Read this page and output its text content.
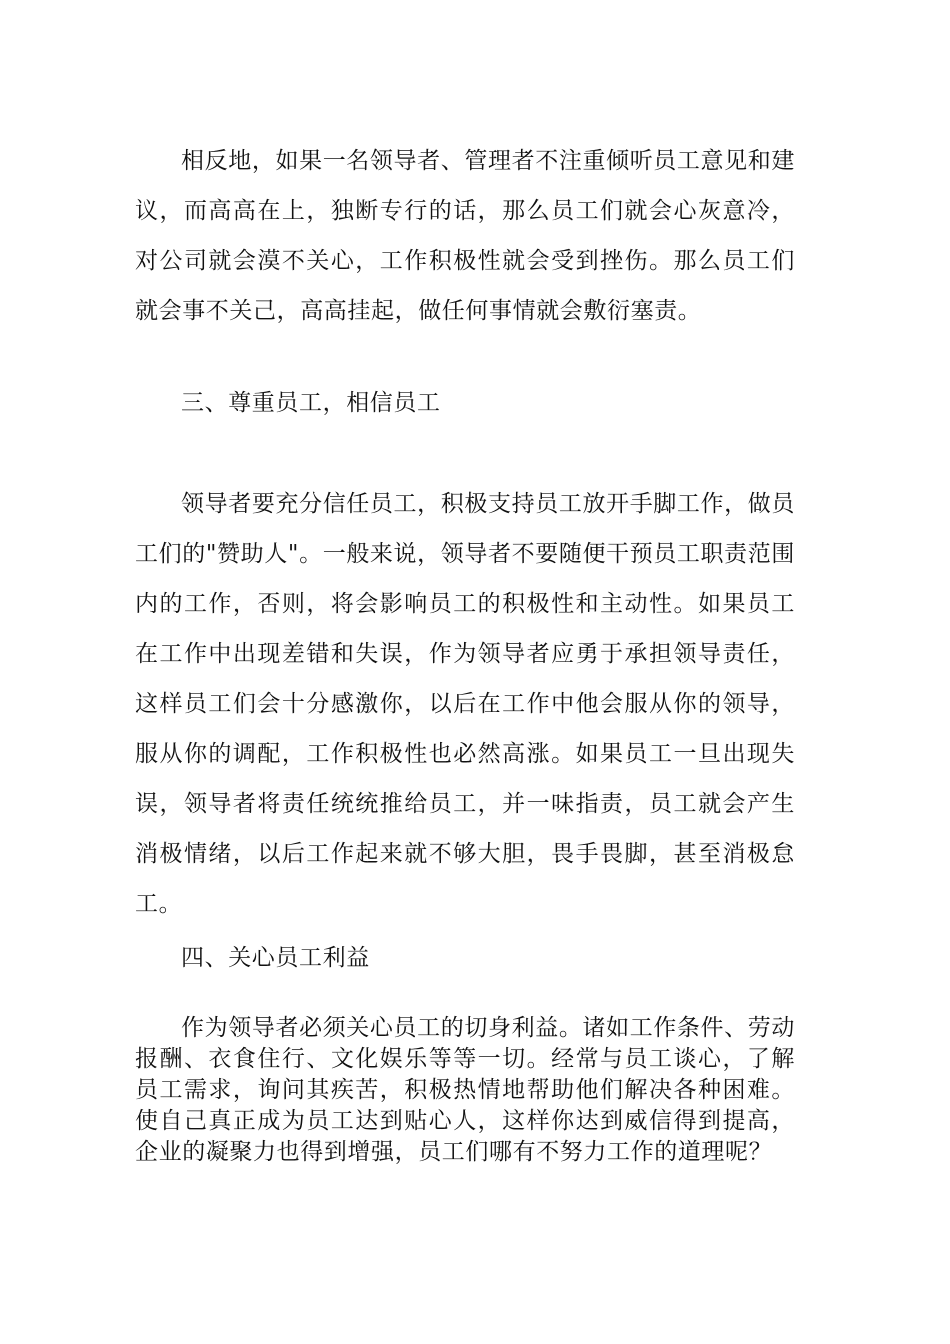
相反地，如果一名领导者、管理者不注重倾听员工意见和建议，而高高在上，独断专行的话，那么员工们就会心灰意冷，对公司就会漠不关心，工作积极性就会受到挫伤。那么员工们就会事不关己，高高挂起，做任何事情就会敷衍塞责。

三、尊重员工，相信员工

领导者要充分信任员工，积极支持员工放开手脚工作，做员工们的"赞助人"。一般来说，领导者不要随便干预员工职责范围内的工作，否则，将会影响员工的积极性和主动性。如果员工在工作中出现差错和失误，作为领导者应勇于承担领导责任，这样员工们会十分感激你，以后在工作中他会服从你的领导，服从你的调配，工作积极性也必然高涨。如果员工一旦出现失误，领导者将责任统统推给员工，并一味指责，员工就会产生消极情绪，以后工作起来就不够大胆，畏手畏脚，甚至消极怠工。

四、关心员工利益

作为领导者必须关心员工的切身利益。诸如工作条件、劳动报酬、衣食住行、文化娱乐等等一切。经常与员工谈心，了解员工需求，询问其疾苦，积极热情地帮助他们解决各种困难。使自己真正成为员工达到贴心人，这样你达到威信得到提高，企业的凝聚力也得到增强，员工们哪有不努力工作的道理呢？
